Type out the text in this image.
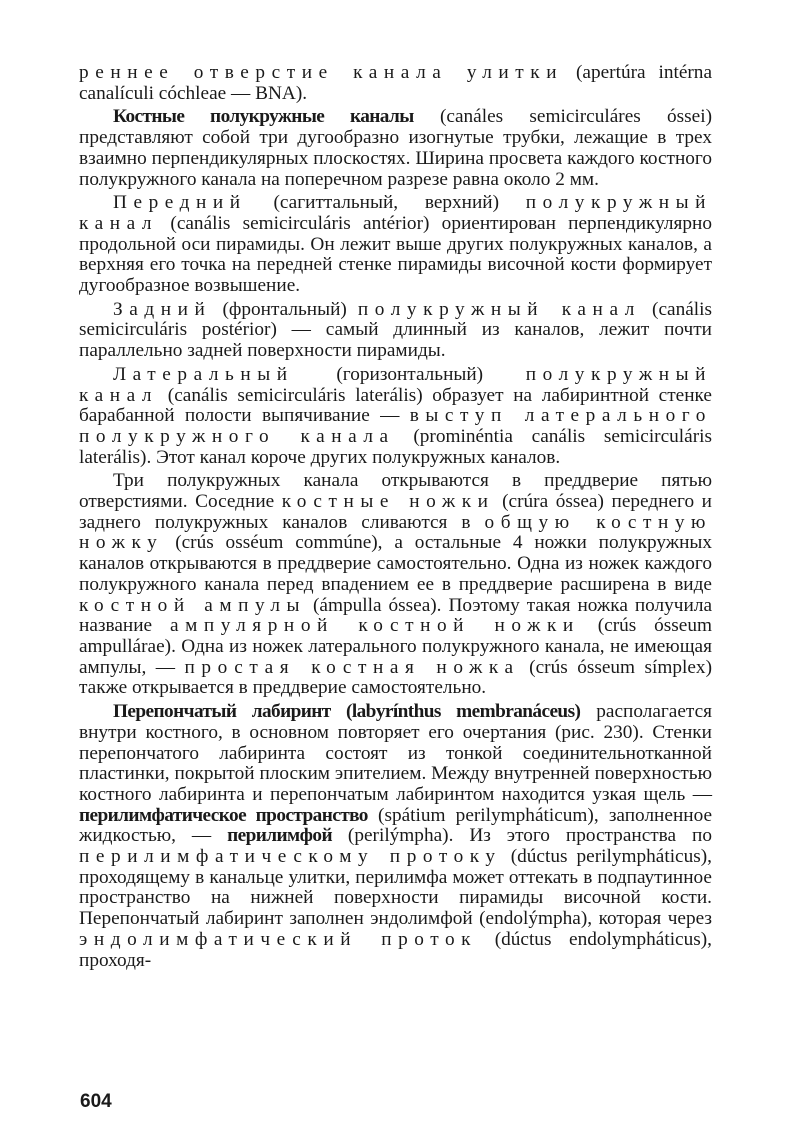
реннее отверстие канала улитки (apertúra intérna canalículi cóchleae — BNA).

Костные полукружные каналы (canáles semicirculáres óssei) представляют собой три дугообразно изогнутые трубки, лежащие в трех взаимно перпендикулярных плоскостях. Ширина просвета каждого костного полукружного канала на поперечном разрезе равна около 2 мм.

Передний (сагиттальный, верхний) полукружный канал (canális semicirculáris antérior) ориентирован перпендикулярно продольной оси пирамиды. Он лежит выше других полукружных каналов, а верхняя его точка на передней стенке пирамиды височной кости формирует дугообразное возвышение.

Задний (фронтальный) полукружный канал (canális semicirculáris postérior) — самый длинный из каналов, лежит почти параллельно задней поверхности пирамиды.

Латеральный (горизонтальный) полукружный канал (canális semicirculáris laterális) образует на лабиринтной стенке барабанной полости выпячивание — выступ латерального полукружного канала (prominéntia canális semicirculáris laterális). Этот канал короче других полукружных каналов.

Три полукружных канала открываются в преддверие пятью отверстиями. Соседние костные ножки (crúra óssea) переднего и заднего полукружных каналов сливаются в общую костную ножку (crús osséum commúne), а остальные 4 ножки полукружных каналов открываются в преддверие самостоятельно. Одна из ножек каждого полукружного канала перед впадением ее в преддверие расширена в виде костной ампулы (ámpulla óssea). Поэтому такая ножка получила название ампулярной костной ножки (crús ósseum ampullárae). Одна из ножек латерального полукружного канала, не имеющая ампулы, — простая костная ножка (crús ósseum símplex) также открывается в преддверие самостоятельно.

Перепончатый лабиринт (labyrínthus membranáceus) располагается внутри костного, в основном повторяет его очертания (рис. 230). Стенки перепончатого лабиринта состоят из тонкой соединительнотканной пластинки, покрытой плоским эпителием. Между внутренней поверхностью костного лабиринта и перепончатым лабиринтом находится узкая щель — перилимфатическое пространство (spátium perilympháticum), заполненное жидкостью, — перилимфой (perilýmpha). Из этого пространства по перилимфатическому протоку (dúctus perilympháticus), проходящему в канальце улитки, перилимфа может оттекать в подпаутинное пространство на нижней поверхности пирамиды височной кости. Перепончатый лабиринт заполнен эндолимфой (endolýmpha), которая через эндолимфатический проток (dúctus endolympháticus), проходя-

604
